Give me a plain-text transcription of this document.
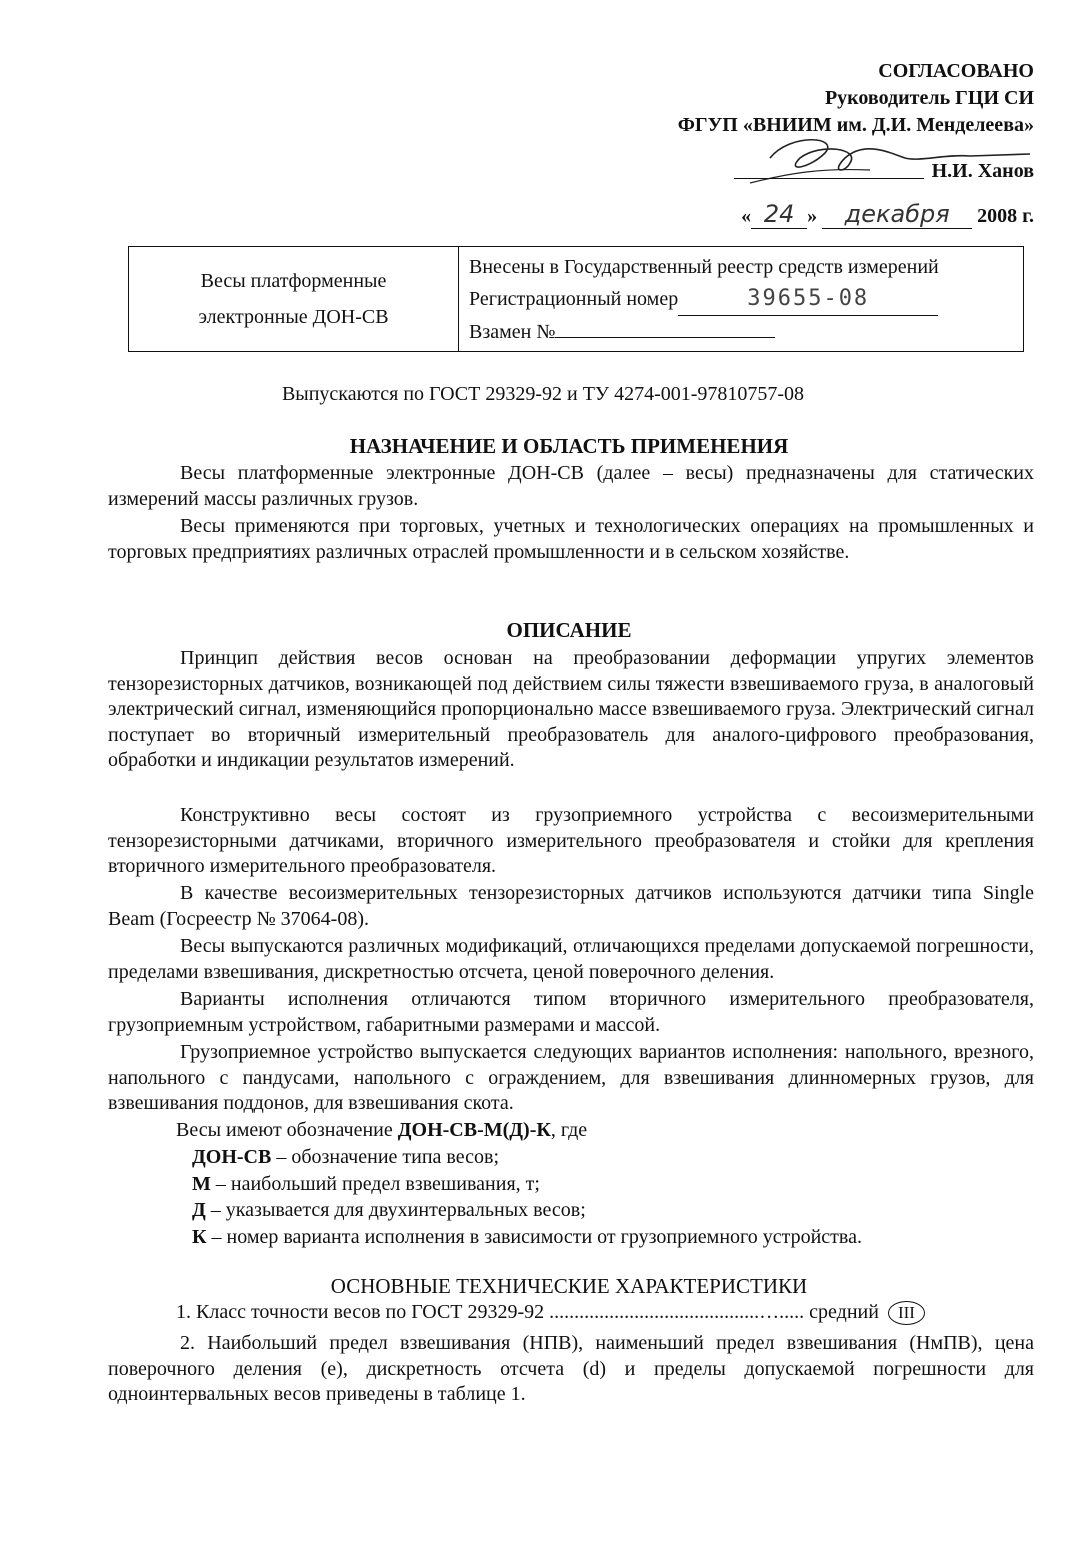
СОГЛАСОВАНО
Руководитель ГЦИ СИ
ФГУП «ВНИИМ им. Д.И. Менделеева»
Н.И. Ханов
« 24 » декабря 2008 г.
Весы платформенные
электронные ДОН-СВ
Внесены в Государственный реестр средств измерений
Регистрационный номер	39655-08
Взамен №
Выпускаются по ГОСТ 29329-92 и ТУ 4274-001-97810757-08
НАЗНАЧЕНИЕ И ОБЛАСТЬ ПРИМЕНЕНИЯ

Весы платформенные электронные ДОН-СВ (далее – весы) предназначены для статических измерений массы различных грузов.

Весы применяются при торговых, учетных и технологических операциях на промышленных и торговых предприятиях различных отраслей промышленности и в сельском хозяйстве.

ОПИСАНИЕ

Принцип действия весов основан на преобразовании деформации упругих элементов тензорезисторных датчиков, возникающей под действием силы тяжести взвешиваемого груза, в аналоговый электрический сигнал, изменяющийся пропорционально массе взвешиваемого груза. Электрический сигнал поступает во вторичный измерительный преобразователь для аналого-цифрового преобразования, обработки и индикации результатов измерений.

Конструктивно весы состоят из грузоприемного устройства с весоизмерительными тензорезисторными датчиками, вторичного измерительного преобразователя и стойки для крепления вторичного измерительного преобразователя.

В качестве весоизмерительных тензорезисторных датчиков используются датчики типа Single Beam (Госреестр № 37064-08).

Весы выпускаются различных модификаций, отличающихся пределами допускаемой погрешности, пределами взвешивания, дискретностью отсчета, ценой поверочного деления.

Варианты исполнения отличаются типом вторичного измерительного преобразователя, грузоприемным устройством, габаритными размерами и массой.

Грузоприемное устройство выпускается следующих вариантов исполнения: напольного, врезного, напольного с пандусами, напольного с ограждением, для взвешивания длинномерных грузов, для взвешивания поддонов, для взвешивания скота.

Весы имеют обозначение ДОН-СВ-М(Д)-К, где
ДОН-СВ – обозначение типа весов;
М – наибольший предел взвешивания, т;
Д – указывается для двухинтервальных весов;
К – номер варианта исполнения в зависимости от грузоприемного устройства.
ОСНОВНЫЕ ТЕХНИЧЕСКИЕ ХАРАКТЕРИСТИКИ
1. Класс точности весов по ГОСТ 29329-92 ..........................................…..... средний III

2. Наибольший предел взвешивания (НПВ), наименьший предел взвешивания (НмПВ), цена поверочного деления (е), дискретность отсчета (d) и пределы допускаемой погрешности для одноинтервальных весов приведены в таблице 1.
